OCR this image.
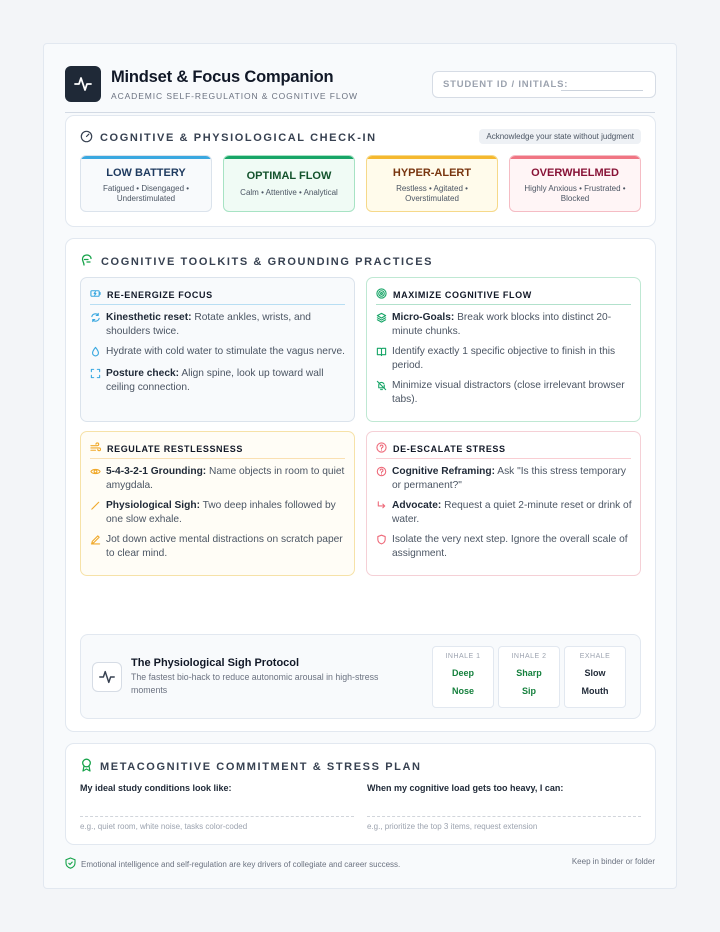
Mindset & Focus Companion
ACADEMIC SELF-REGULATION & COGNITIVE FLOW
STUDENT ID / INITIALS:
COGNITIVE & PHYSIOLOGICAL CHECK-IN	Acknowledge your state without judgment
LOW BATTERY
Fatigued • Disengaged • Understimulated
OPTIMAL FLOW
Calm • Attentive • Analytical
HYPER-ALERT
Restless • Agitated • Overstimulated
OVERWHELMED
Highly Anxious • Frustrated • Blocked
COGNITIVE TOOLKITS & GROUNDING PRACTICES
RE-ENERGIZE FOCUS
Kinesthetic reset: Rotate ankles, wrists, and shoulders twice.
Hydrate with cold water to stimulate the vagus nerve.
Posture check: Align spine, look up toward wall ceiling connection.
MAXIMIZE COGNITIVE FLOW
Micro-Goals: Break work blocks into distinct 20-minute chunks.
Identify exactly 1 specific objective to finish in this period.
Minimize visual distractors (close irrelevant browser tabs).
REGULATE RESTLESSNESS
5-4-3-2-1 Grounding: Name objects in room to quiet amygdala.
Physiological Sigh: Two deep inhales followed by one slow exhale.
Jot down active mental distractions on scratch paper to clear mind.
DE-ESCALATE STRESS
Cognitive Reframing: Ask "Is this stress temporary or permanent?"
Advocate: Request a quiet 2-minute reset or drink of water.
Isolate the very next step. Ignore the overall scale of assignment.
The Physiological Sigh Protocol
The fastest bio-hack to reduce autonomic arousal in high-stress moments
INHALE 1
Deep
Nose
INHALE 2
Sharp
Sip
EXHALE
Slow
Mouth
METACOGNITIVE COMMITMENT & STRESS PLAN
My ideal study conditions look like:
e.g., quiet room, white noise, tasks color-coded
When my cognitive load gets too heavy, I can:
e.g., prioritize the top 3 items, request extension
Emotional intelligence and self-regulation are key drivers of collegiate and career success.	Keep in binder or folder
